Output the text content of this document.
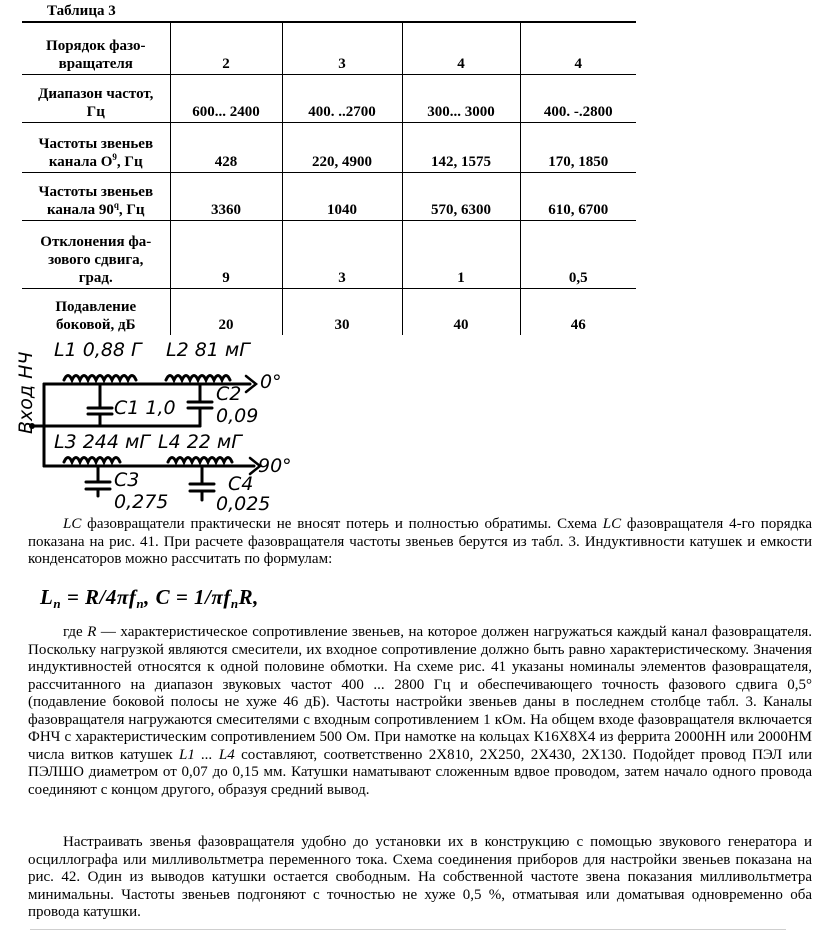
Таблица 3
Порядок фазо-
вращателя	2	3	4	4

Диапазон частот,
Гц	600... 2400	400. ..2700	300... 3000	400. -.2800

Частоты звеньев
канала $O^9$, Гц	428	220, 4900	142, 1575	170, 1850

Частоты звеньев
канала 90$^q$, Гц	3360	1040	570, 6300	610, 6700

Отклонения фа-
зового сдвига,
град.	9	3	1	0,5

Подавление
боковой, дБ	20	30	40	46
Вход НЧ
L1 0,88 Г L2 81 мГ
L3 244 мГ L4 22 мГ
C1 1,0
C2
0,09
C3
0,275
C4
0,025
0°
90°
LC фазовращатели практически не вносят потерь и полностью обратимы. Схема LC фазовращателя 4-го порядка показана на рис. 41. При расчете фазовращателя частоты звеньев берутся из табл. 3. Индуктивности катушек и емкости конденсаторов можно рассчитать по формулам:
$L_п = R/4\pi f_п$, $C = 1/\pi f_пR$,
где R — характеристическое сопротивление звеньев, на которое должен нагружаться каждый канал фазовращателя. Поскольку нагрузкой являются смесители, их входное сопротивление должно быть равно характеристическому. Значения индуктивностей относятся к одной половине обмотки. На схеме рис. 41 указаны номиналы элементов фазовращателя, рассчитанного на диапазон звуковых частот 400 ... 2800 Гц и обеспечивающего точность фазового сдвига 0,5° (подавление боковой полосы не хуже 46 дБ). Частоты настройки звеньев даны в последнем столбце табл. 3. Каналы фазовращателя нагружаются смесителями с входным сопротивлением 1 кОм. На общем входе фазовращателя включается ФНЧ с характеристическим сопротивлением 500 Ом. При намотке на кольцах К16Х8Х4 из феррита 2000НН или 2000НМ числа витков катушек L1 ... L4 составляют, соответственно 2Х810, 2Х250, 2Х430, 2Х130. Подойдет провод ПЭЛ или ПЭЛШО диаметром от 0,07 до 0,15 мм. Катушки наматывают сложенным вдвое проводом, затем начало одного провода соединяют с концом другого, образуя средний вывод.
Настраивать звенья фазовращателя удобно до установки их в конструкцию с помощью звукового генератора и осциллографа или милливольтметра переменного тока. Схема соединения приборов для настройки звеньев показана на рис. 42. Один из выводов катушки остается свободным. На собственной частоте звена показания милливольтметра минимальны. Частоты звеньев подгоняют с точностью не хуже 0,5 %, отматывая или доматывая одновременно оба провода катушки.
